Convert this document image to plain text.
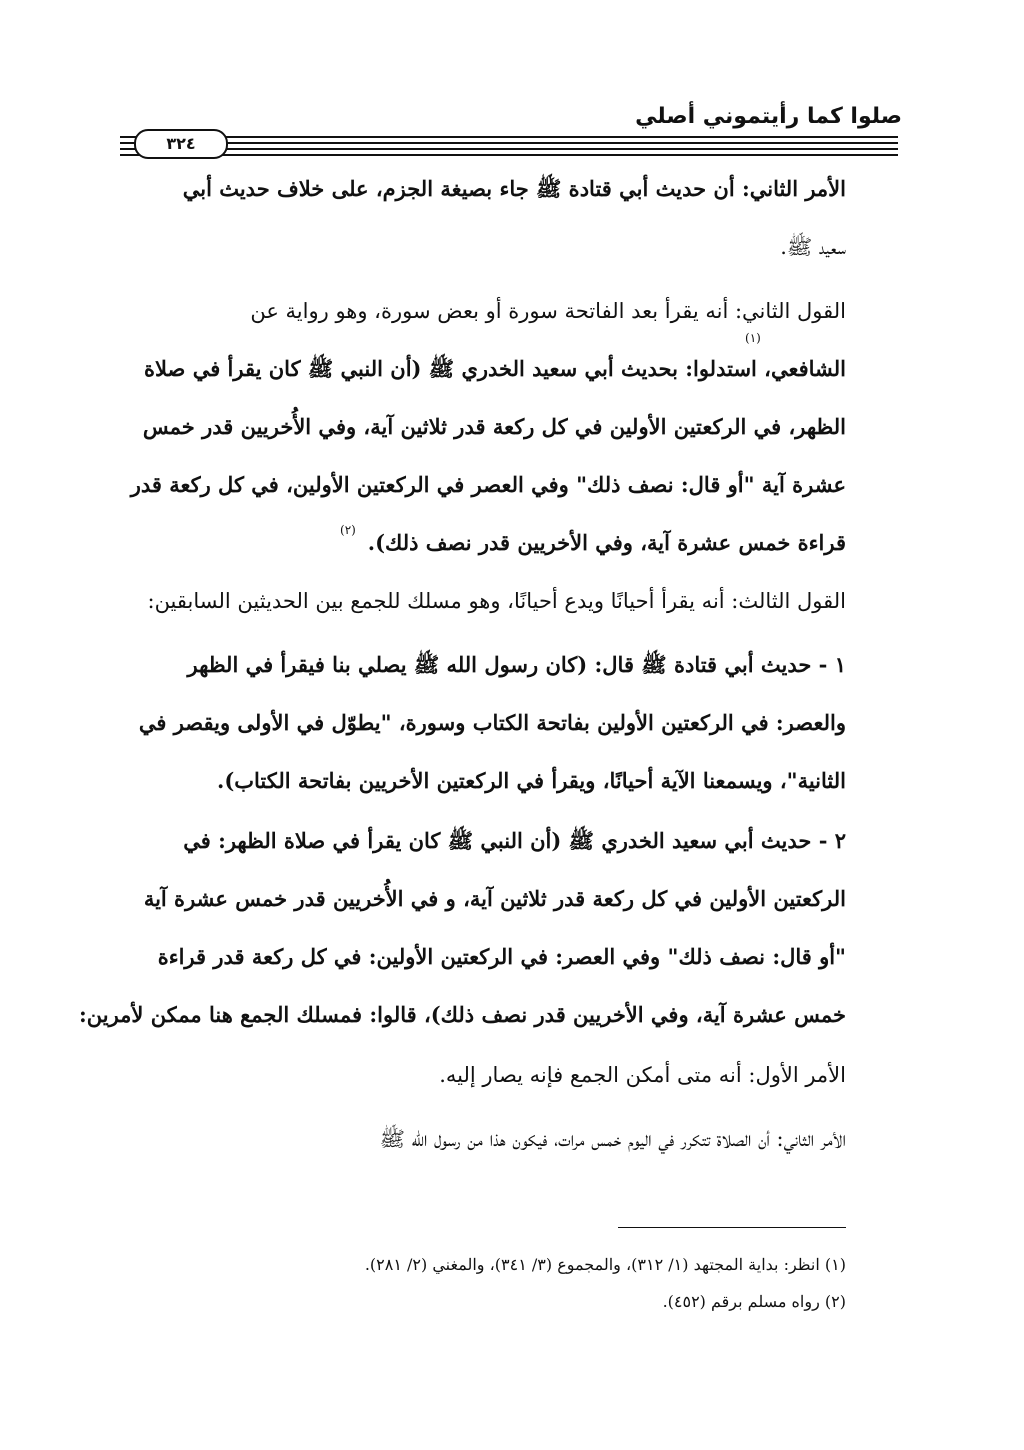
صلوا كما رأيتموني أصلي
٣٢٤
الأمر الثاني: أن حديث أبي قتادة ﷺ جاء بصيغة الجزم، على خلاف حديث أبي
سعيد ﷺ.
القول الثاني: أنه يقرأ بعد الفاتحة سورة أو بعض سورة، وهو رواية عن
الشافعي، استدلوا: بحديث أبي سعيد الخدري ﷺ (أن النبي ﷺ كان يقرأ في صلاة
الظهر، في الركعتين الأولين في كل ركعة قدر ثلاثين آية، وفي الأُخريين قدر خمس
عشرة آية "أو قال: نصف ذلك" وفي العصر في الركعتين الأولين، في كل ركعة قدر
قراءة خمس عشرة آية، وفي الأخريين قدر نصف ذلك).
القول الثالث: أنه يقرأ أحيانًا ويدع أحيانًا، وهو مسلك للجمع بين الحديثين السابقين:
١ - حديث أبي قتادة ﷺ قال: (كان رسول الله ﷺ يصلي بنا فيقرأ في الظهر
والعصر: في الركعتين الأولين بفاتحة الكتاب وسورة، "يطوّل في الأولى ويقصر في
الثانية"، ويسمعنا الآية أحيانًا، ويقرأ في الركعتين الأخريين بفاتحة الكتاب).
٢ - حديث أبي سعيد الخدري ﷺ (أن النبي ﷺ كان يقرأ في صلاة الظهر: في
الركعتين الأولين في كل ركعة قدر ثلاثين آية، و في الأُخريين قدر خمس عشرة آية
"أو قال: نصف ذلك" وفي العصر: في الركعتين الأولين: في كل ركعة قدر قراءة
خمس عشرة آية، وفي الأخريين قدر نصف ذلك)، قالوا: فمسلك الجمع هنا ممكن لأمرين:
الأمر الأول: أنه متى أمكن الجمع فإنه يصار إليه.
الأمر الثاني: أن الصلاة تتكرر في اليوم خمس مرات، فيكون هذا من رسول الله ﷺ
(١)
(٢)
(١) انظر: بداية المجتهد (١/ ٣١٢)، والمجموع (٣/ ٣٤١)، والمغني (٢/ ٢٨١).
(٢) رواه مسلم برقم (٤٥٢).
